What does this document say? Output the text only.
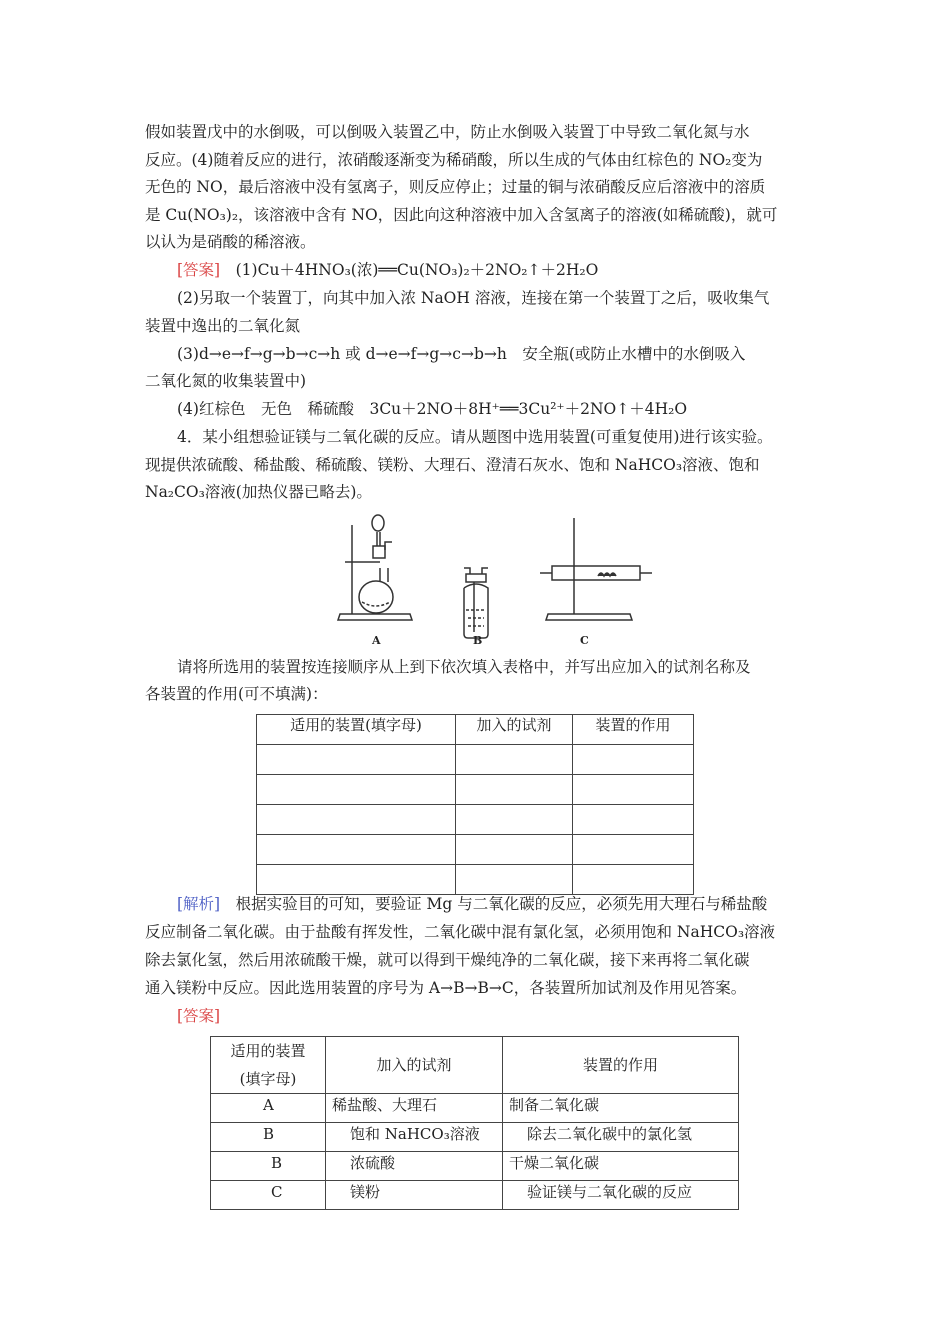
假如装置戊中的水倒吸，可以倒吸入装置乙中，防止水倒吸入装置丁中导致二氧化氮与水
反应。(4)随着反应的进行，浓硝酸逐渐变为稀硝酸，所以生成的气体由红棕色的 NO₂变为
无色的 NO，最后溶液中没有氢离子，则反应停止；过量的铜与浓硝酸反应后溶液中的溶质
是 Cu(NO₃)₂，该溶液中含有 NO，因此向这种溶液中加入含氢离子的溶液(如稀硫酸)，就可
以认为是硝酸的稀溶液。
[答案]　 (1)Cu＋4HNO₃(浓)══Cu(NO₃)₂＋2NO₂↑＋2H₂O
(2)另取一个装置丁，向其中加入浓 NaOH 溶液，连接在第一个装置丁之后，吸收集气
装置中逸出的二氧化氮
(3)d→e→f→g→b→c→h 或 d→e→f→g→c→b→h　安全瓶(或防止水槽中的水倒吸入
二氧化氮的收集装置中)
(4)红棕色　无色　稀硫酸　3Cu＋2NO＋8H⁺══3Cu²⁺＋2NO↑＋4H₂O
4．某小组想验证镁与二氧化碳的反应。请从题图中选用装置(可重复使用)进行该实验。
现提供浓硫酸、稀盐酸、稀硫酸、镁粉、大理石、澄清石灰水、饱和 NaHCO₃溶液、饱和
Na₂CO₃溶液(加热仪器已略去)。
A	B	C
请将所选用的装置按连接顺序从上到下依次填入表格中，并写出应加入的试剂名称及
各装置的作用(可不填满)：
适用的装置(填字母)	加入的试剂	装置的作用

[解析]　 根据实验目的可知，要验证 Mg 与二氧化碳的反应，必须先用大理石与稀盐酸
反应制备二氧化碳。由于盐酸有挥发性，二氧化碳中混有氯化氢，必须用饱和 NaHCO₃溶液
除去氯化氢，然后用浓硫酸干燥，就可以得到干燥纯净的二氧化碳，接下来再将二氧化碳
通入镁粉中反应。因此选用装置的序号为 A→B→B→C，各装置所加试剂及作用见答案。
[答案]
适用的装置
(填字母)	加入的试剂	装置的作用
A	稀盐酸、大理石	制备二氧化碳
B	饱和 NaHCO₃溶液	除去二氧化碳中的氯化氢
B	浓硫酸	干燥二氧化碳
C	镁粉	验证镁与二氧化碳的反应
